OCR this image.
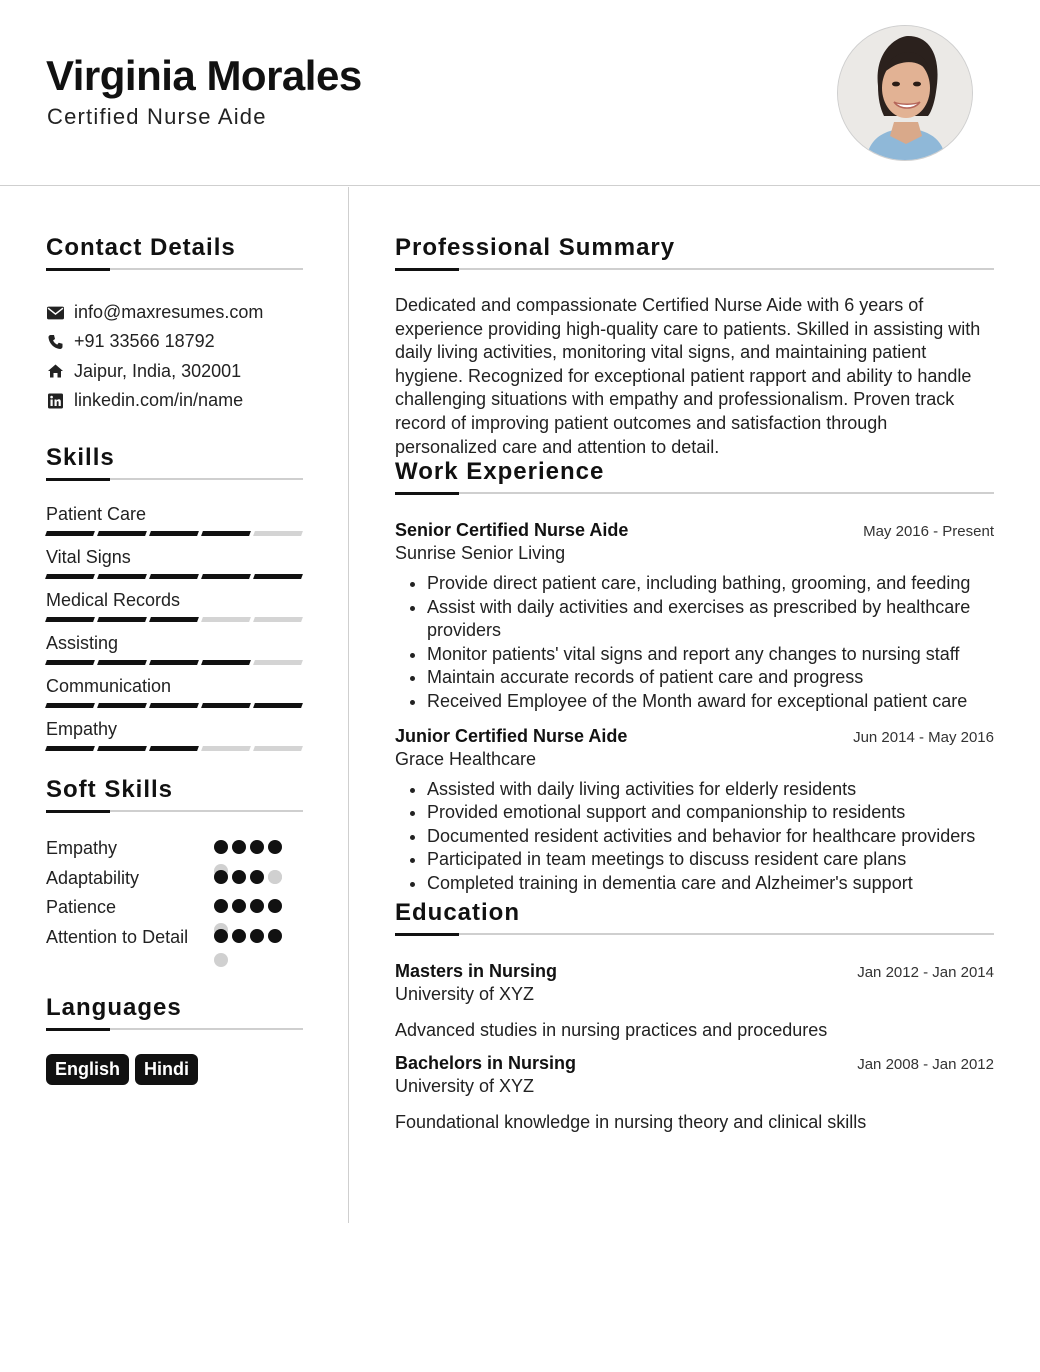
Virginia Morales
Certified Nurse Aide
Contact Details
info@maxresumes.com
+91 33566 18792
Jaipur, India, 302001
linkedin.com/in/name
Skills
Patient Care
Vital Signs
Medical Records
Assisting
Communication
Empathy
Soft Skills
Empathy
Adaptability
Patience
Attention to Detail
Languages
English	Hindi
Professional Summary
Dedicated and compassionate Certified Nurse Aide with 6 years of experience providing high-quality care to patients. Skilled in assisting with daily living activities, monitoring vital signs, and maintaining patient hygiene. Recognized for exceptional patient rapport and ability to handle challenging situations with empathy and professionalism. Proven track record of improving patient outcomes and satisfaction through personalized care and attention to detail.
Work Experience
Senior Certified Nurse Aide	May 2016 - Present
Sunrise Senior Living
Provide direct patient care, including bathing, grooming, and feeding
Assist with daily activities and exercises as prescribed by healthcare providers
Monitor patients' vital signs and report any changes to nursing staff
Maintain accurate records of patient care and progress
Received Employee of the Month award for exceptional patient care
Junior Certified Nurse Aide	Jun 2014 - May 2016
Grace Healthcare
Assisted with daily living activities for elderly residents
Provided emotional support and companionship to residents
Documented resident activities and behavior for healthcare providers
Participated in team meetings to discuss resident care plans
Completed training in dementia care and Alzheimer's support
Education
Masters in Nursing	Jan 2012 - Jan 2014
University of XYZ
Advanced studies in nursing practices and procedures
Bachelors in Nursing	Jan 2008 - Jan 2012
University of XYZ
Foundational knowledge in nursing theory and clinical skills
